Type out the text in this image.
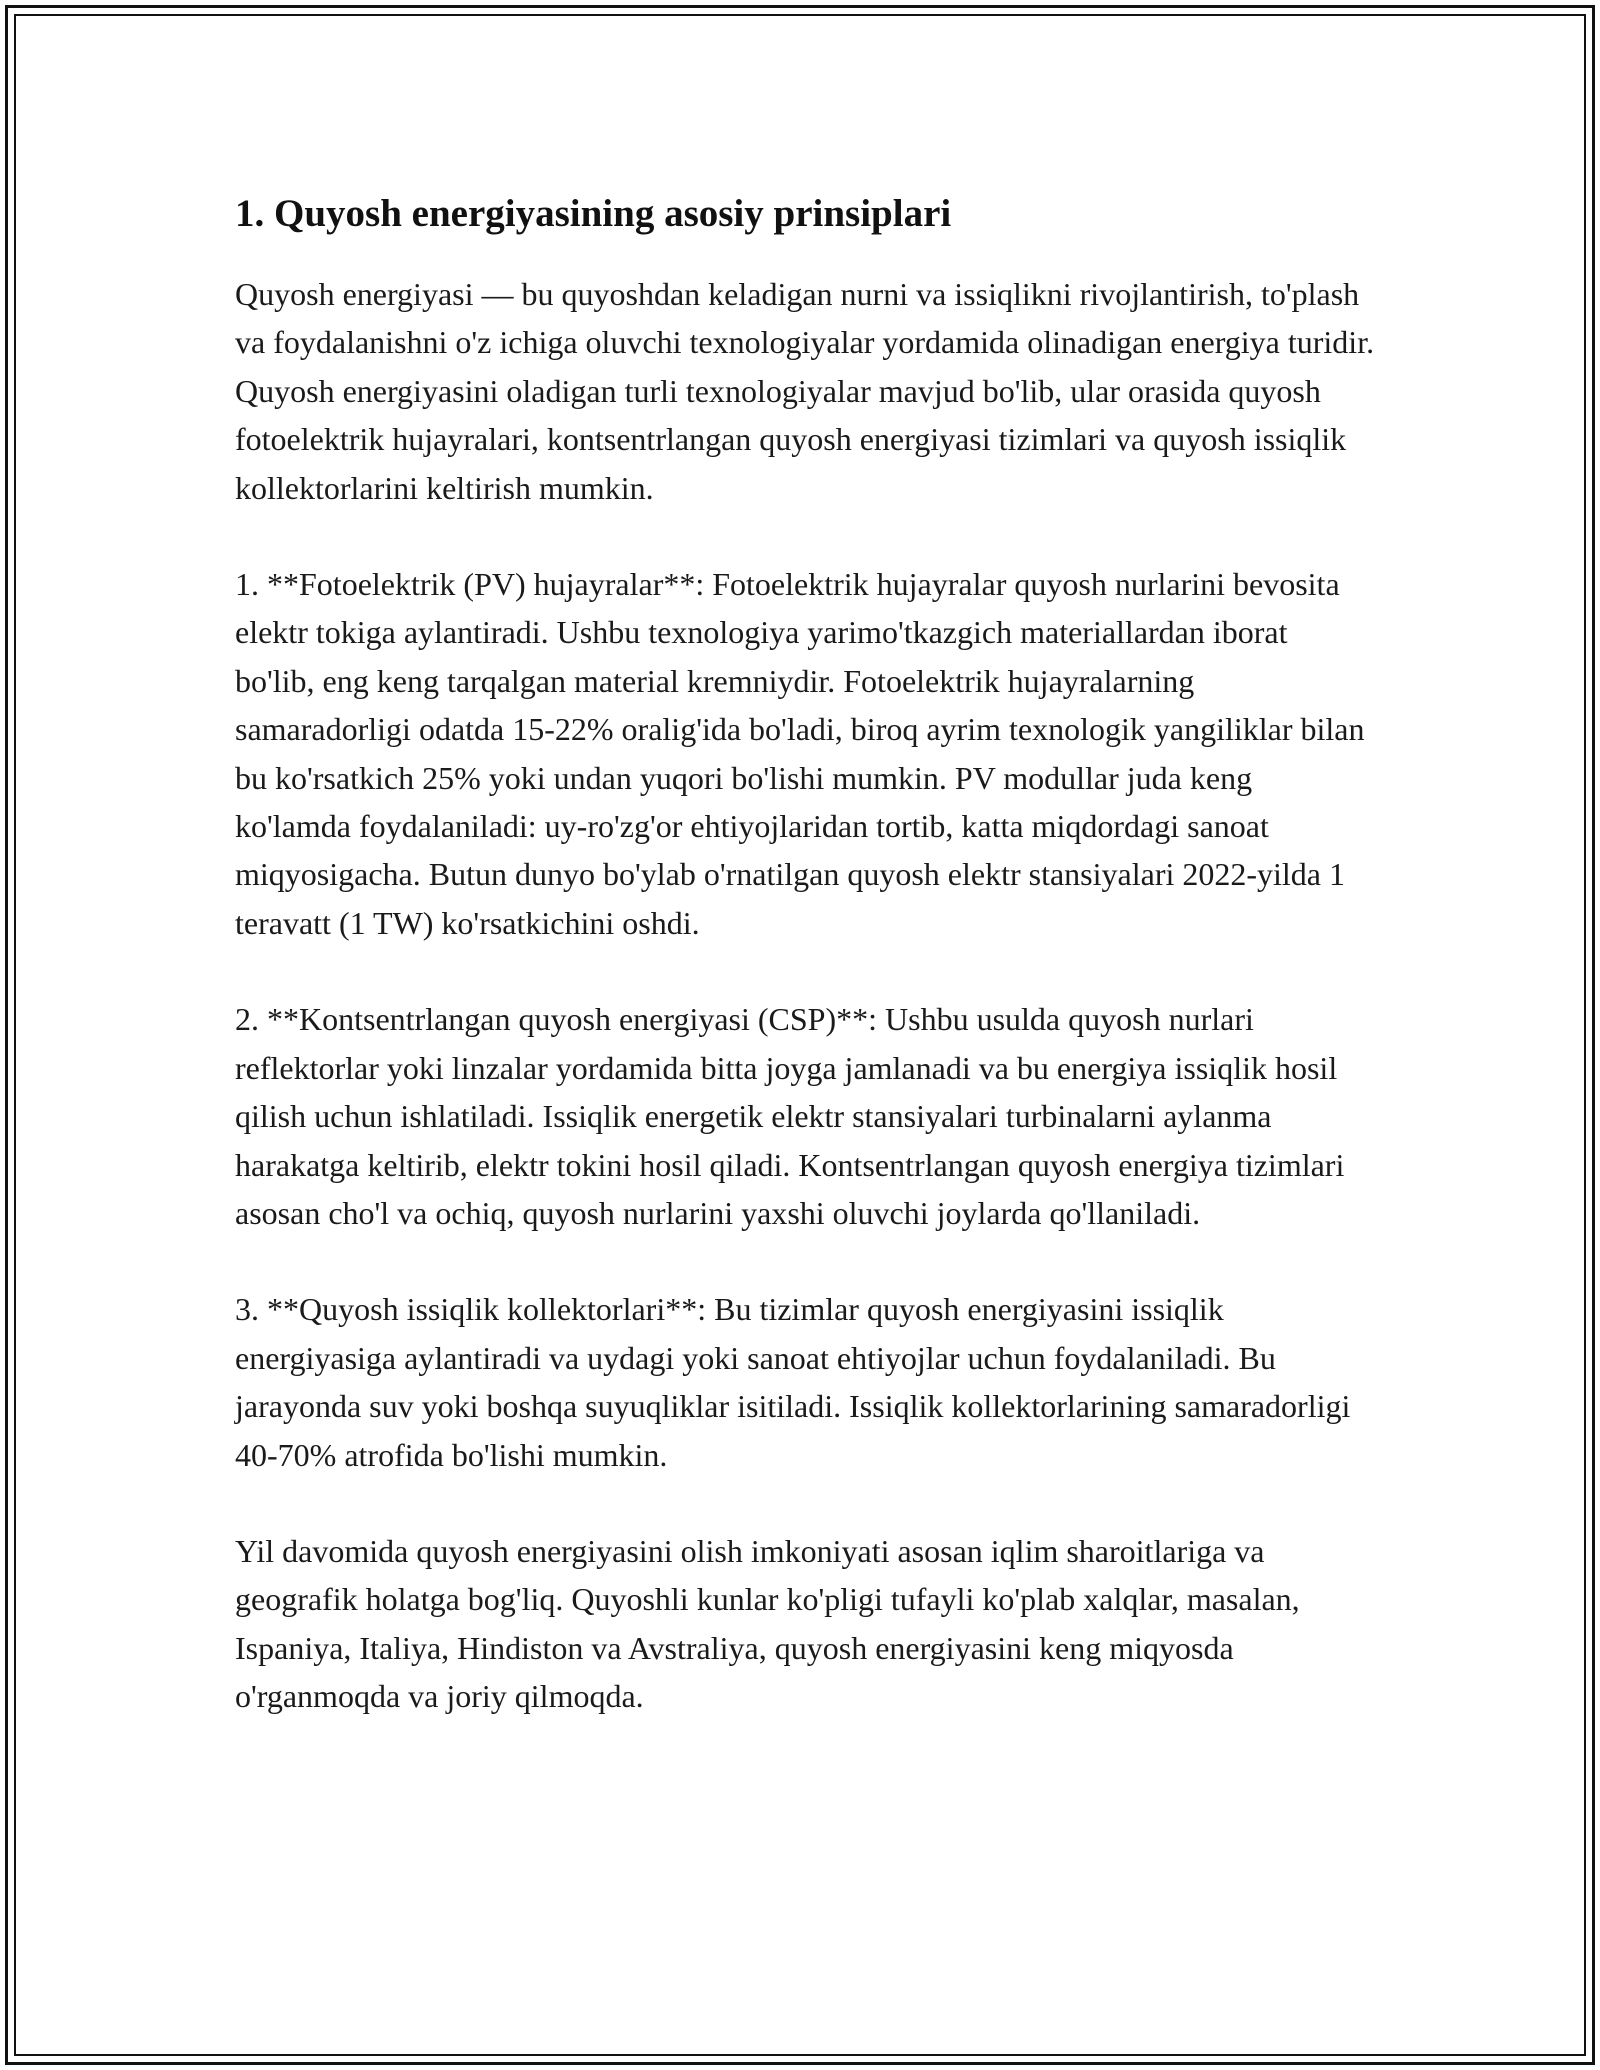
1. Quyosh energiyasining asosiy prinsiplari

Quyosh energiyasi — bu quyoshdan keladigan nurni va issiqlikni rivojlantirish, to'plash va foydalanishni o'z ichiga oluvchi texnologiyalar yordamida olinadigan energiya turidir. Quyosh energiyasini oladigan turli texnologiyalar mavjud bo'lib, ular orasida quyosh fotoelektrik hujayralari, kontsentrlangan quyosh energiyasi tizimlari va quyosh issiqlik kollektorlarini keltirish mumkin.

1. **Fotoelektrik (PV) hujayralar**: Fotoelektrik hujayralar quyosh nurlarini bevosita elektr tokiga aylantiradi. Ushbu texnologiya yarimo'tkazgich materiallardan iborat bo'lib, eng keng tarqalgan material kremniydir. Fotoelektrik hujayralarning samaradorligi odatda 15-22% oralig'ida bo'ladi, biroq ayrim texnologik yangiliklar bilan bu ko'rsatkich 25% yoki undan yuqori bo'lishi mumkin. PV modullar juda keng ko'lamda foydalaniladi: uy-ro'zg'or ehtiyojlaridan tortib, katta miqdordagi sanoat miqyosigacha. Butun dunyo bo'ylab o'rnatilgan quyosh elektr stansiyalari 2022-yilda 1 teravatt (1 TW) ko'rsatkichini oshdi.

2. **Kontsentrlangan quyosh energiyasi (CSP)**: Ushbu usulda quyosh nurlari reflektorlar yoki linzalar yordamida bitta joyga jamlanadi va bu energiya issiqlik hosil qilish uchun ishlatiladi. Issiqlik energetik elektr stansiyalari turbinalarni aylanma harakatga keltirib, elektr tokini hosil qiladi. Kontsentrlangan quyosh energiya tizimlari asosan cho'l va ochiq, quyosh nurlarini yaxshi oluvchi joylarda qo'llaniladi.

3. **Quyosh issiqlik kollektorlari**: Bu tizimlar quyosh energiyasini issiqlik energiyasiga aylantiradi va uydagi yoki sanoat ehtiyojlar uchun foydalaniladi. Bu jarayonda suv yoki boshqa suyuqliklar isitiladi. Issiqlik kollektorlarining samaradorligi 40-70% atrofida bo'lishi mumkin.

Yil davomida quyosh energiyasini olish imkoniyati asosan iqlim sharoitlariga va geografik holatga bog'liq. Quyoshli kunlar ko'pligi tufayli ko'plab xalqlar, masalan, Ispaniya, Italiya, Hindiston va Avstraliya, quyosh energiyasini keng miqyosda o'rganmoqda va joriy qilmoqda.
